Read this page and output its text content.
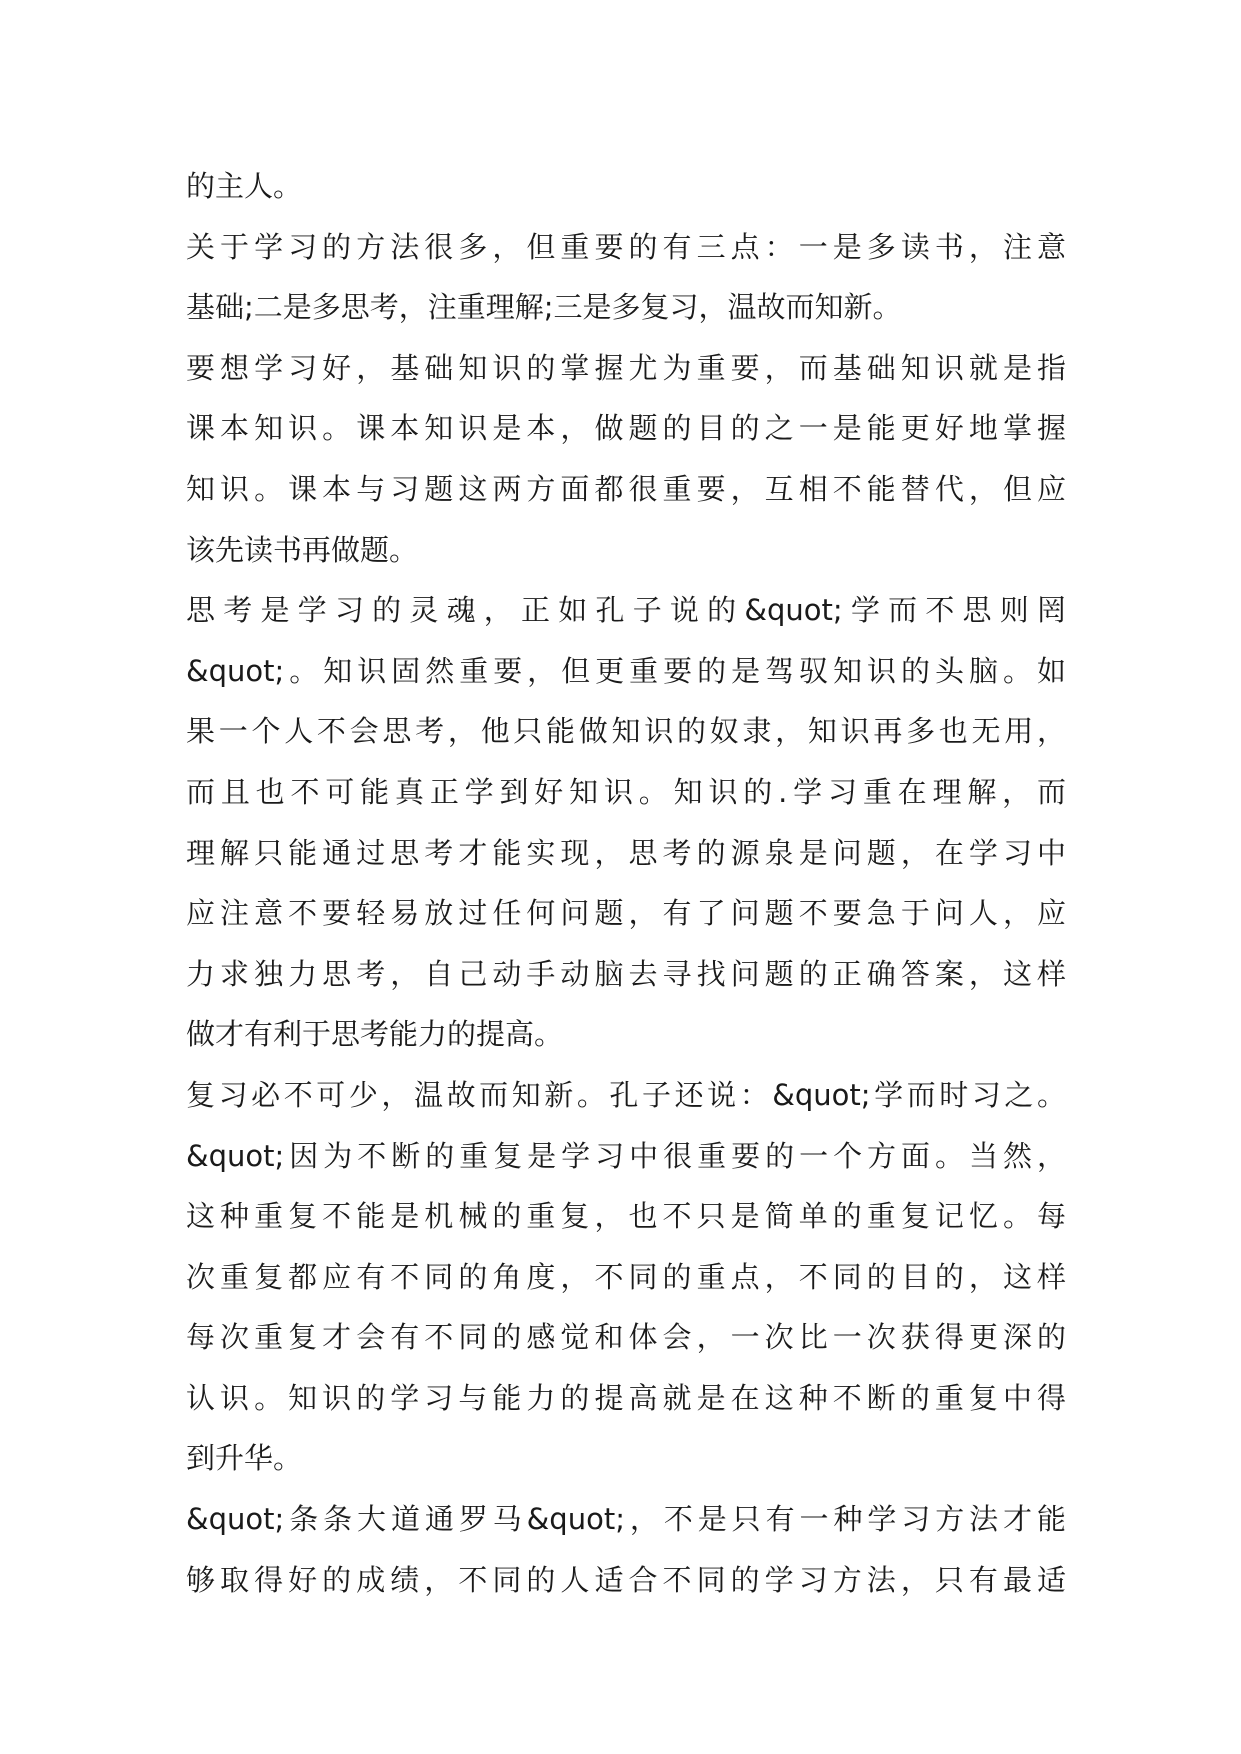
的主人。
关于学习的方法很多，但重要的有三点：一是多读书，注意
基础;二是多思考，注重理解;三是多复习，温故而知新。
要想学习好，基础知识的掌握尤为重要，而基础知识就是指
课本知识。课本知识是本，做题的目的之一是能更好地掌握
知识。课本与习题这两方面都很重要，互相不能替代，但应
该先读书再做题。
思考是学习的灵魂，正如孔子说的&quot;学而不思则罔
&quot;。知识固然重要，但更重要的是驾驭知识的头脑。如
果一个人不会思考，他只能做知识的奴隶，知识再多也无用，
而且也不可能真正学到好知识。知识的.学习重在理解，而
理解只能通过思考才能实现，思考的源泉是问题，在学习中
应注意不要轻易放过任何问题，有了问题不要急于问人，应
力求独力思考，自己动手动脑去寻找问题的正确答案，这样
做才有利于思考能力的提高。
复习必不可少，温故而知新。孔子还说：&quot;学而时习之。
&quot;因为不断的重复是学习中很重要的一个方面。当然，
这种重复不能是机械的重复，也不只是简单的重复记忆。每
次重复都应有不同的角度，不同的重点，不同的目的，这样
每次重复才会有不同的感觉和体会，一次比一次获得更深的
认识。知识的学习与能力的提高就是在这种不断的重复中得
到升华。
&quot;条条大道通罗马&quot;，不是只有一种学习方法才能
够取得好的成绩，不同的人适合不同的学习方法，只有最适
